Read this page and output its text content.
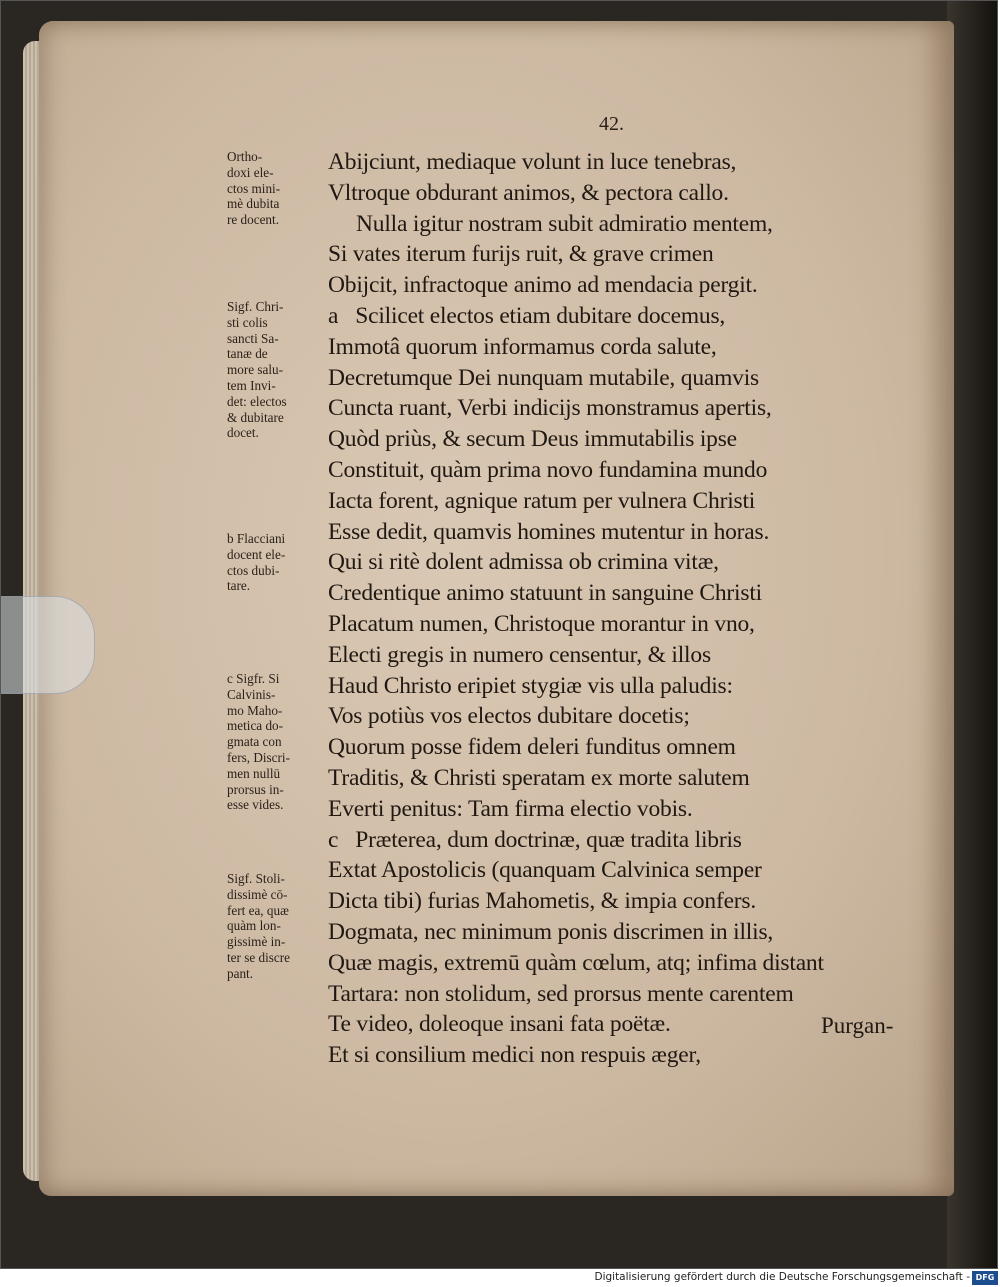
42.

Ortho-
doxi ele-
ctos mini-
mè dubita
re docent.

Sigf. Chri-
sti colis
sancti Sa-
tanæ de
more salu-
tem Invi-
det: electos
& dubitare
docet.

b Flacciani
docent ele-
ctos dubi-
tare.

c Sigfr. Si
Calvinis-
mo Maho-
metica do-
gmata con
fers, Discri-
men nullū
prorsus in-
esse vides.

Sigf. Stoli-
dissimè cō-
fert ea, quæ
quàm lon-
gissimè in-
ter se discre
pant.

Abijciunt, mediaque volunt in luce tenebras,

Vltroque obdurant animos, & pectora callo.

Nulla igitur nostram subit admiratio mentem,

Si vates iterum furijs ruit, & grave crimen

Obijcit, infractoque animo ad mendacia pergit.

a   Scilicet electos etiam dubitare docemus,

Immotâ quorum informamus corda salute,

Decretumque Dei nunquam mutabile, quamvis

Cuncta ruant, Verbi indicijs monstramus apertis,

Quòd priùs, & secum Deus immutabilis ipse

Constituit, quàm prima novo fundamina mundo

Iacta forent, agnique ratum per vulnera Christi

Esse dedit, quamvis homines mutentur in horas.

Qui si ritè dolent admissa ob crimina vitæ,

Credentique animo statuunt in sanguine Christi

Placatum numen, Christoque morantur in vno,

Electi gregis in numero censentur, & illos

Haud Christo eripiet stygiæ vis ulla paludis:

Vos potiùs vos electos dubitare docetis;

Quorum posse fidem deleri funditus omnem

Traditis, & Christi speratam ex morte salutem

Everti penitus: Tam firma electio vobis.

c   Præterea, dum doctrinæ, quæ tradita libris

Extat Apostolicis (quanquam Calvinica semper

Dicta tibi) furias Mahometis, & impia confers.

Dogmata, nec minimum ponis discrimen in illis,

Quæ magis, extremū quàm cœlum, atq; infima distant

Tartara: non stolidum, sed prorsus mente carentem

Te video, doleoque insani fata poëtæ.

Et si consilium medici non respuis æger,

Purgan-
Digitalisierung gefördert durch die Deutsche Forschungsgemeinschaft - DFG
